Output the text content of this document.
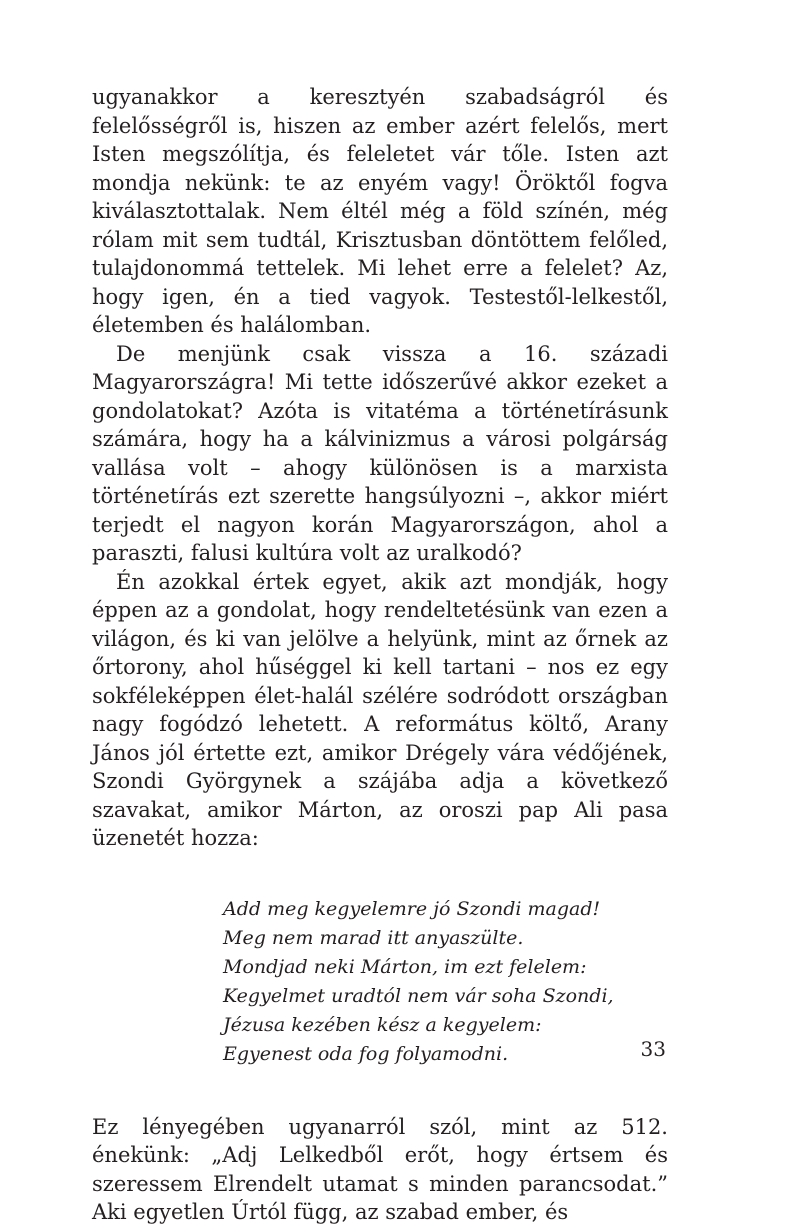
ugyanakkor a keresztyén szabadságról és felelősségről is, hiszen az ember azért felelős, mert Isten megszólítja, és feleletet vár tőle. Isten azt mondja nekünk: te az enyém vagy! Öröktől fogva kiválasztottalak. Nem éltél még a föld színén, még rólam mit sem tudtál, Krisztusban döntöttem felőled, tulajdonommá tettelek. Mi lehet erre a felelet? Az, hogy igen, én a tied vagyok. Testestől-lelkestől, életemben és halálomban.

De menjünk csak vissza a 16. századi Magyarországra! Mi tette időszerűvé akkor ezeket a gondolatokat? Azóta is vitatéma a történetírásunk számára, hogy ha a kálvinizmus a városi polgárság vallása volt – ahogy különösen is a marxista történetírás ezt szerette hangsúlyozni –, akkor miért terjedt el nagyon korán Magyarországon, ahol a paraszti, falusi kultúra volt az uralkodó?

Én azokkal értek egyet, akik azt mondják, hogy éppen az a gondolat, hogy rendeltetésünk van ezen a világon, és ki van jelölve a helyünk, mint az őrnek az őrtorony, ahol hűséggel ki kell tartani – nos ez egy sokféleképpen élet-halál szélére sodródott országban nagy fogódzó lehetett. A református költő, Arany János jól értette ezt, amikor Drégely vára védőjének, Szondi Györgynek a szájába adja a következő szavakat, amikor Márton, az oroszi pap Ali pasa üzenetét hozza:

Add meg kegyelemre jó Szondi magad!
Meg nem marad itt anyaszülte.
Mondjad neki Márton, im ezt felelem:
Kegyelmet uradtól nem vár soha Szondi,
Jézusa kezében kész a kegyelem:
Egyenest oda fog folyamodni.

Ez lényegében ugyanarról szól, mint az 512. énekünk: „Adj Lelkedből erőt, hogy értsem és szeressem Elrendelt utamat s minden parancsodat.” Aki egyetlen Úrtól függ, az szabad ember, és

33
